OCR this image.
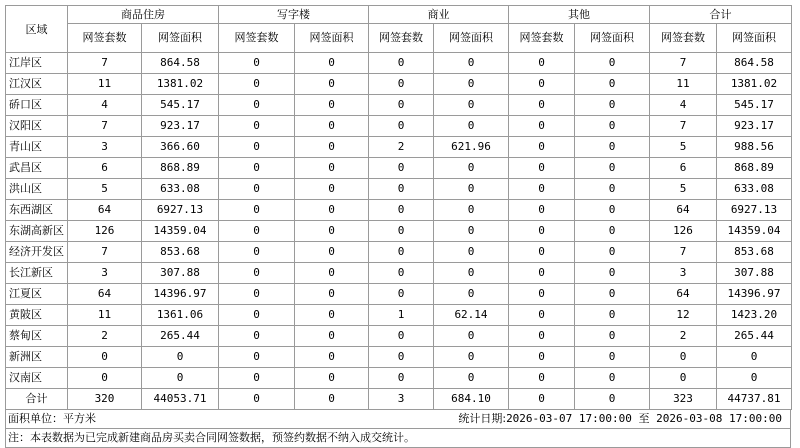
区域	商品住房		写字楼		商业		其他		合计	
	网签套数	网签面积	网签套数	网签面积	网签套数	网签面积	网签套数	网签面积	网签套数	网签面积
江岸区	7	864.58	0	0	0	0	0	0	7	864.58
江汉区	11	1381.02	0	0	0	0	0	0	11	1381.02
硚口区	4	545.17	0	0	0	0	0	0	4	545.17
汉阳区	7	923.17	0	0	0	0	0	0	7	923.17
青山区	3	366.60	0	0	2	621.96	0	0	5	988.56
武昌区	6	868.89	0	0	0	0	0	0	6	868.89
洪山区	5	633.08	0	0	0	0	0	0	5	633.08
东西湖区	64	6927.13	0	0	0	0	0	0	64	6927.13
东湖高新区	126	14359.04	0	0	0	0	0	0	126	14359.04
经济开发区	7	853.68	0	0	0	0	0	0	7	853.68
长江新区	3	307.88	0	0	0	0	0	0	3	307.88
江夏区	64	14396.97	0	0	0	0	0	0	64	14396.97
黄陂区	11	1361.06	0	0	1	62.14	0	0	12	1423.20
蔡甸区	2	265.44	0	0	0	0	0	0	2	265.44
新洲区	0	0	0	0	0	0	0	0	0	0
汉南区	0	0	0	0	0	0	0	0	0	0
合计	320	44053.71	0	0	3	684.10	0	0	323	44737.81
面积单位：平方米	统计日期:2026-03-07 17:00:00 至 2026-03-08 17:00:00
注：本表数据为已完成新建商品房买卖合同网签数据，预签约数据不纳入成交统计。
